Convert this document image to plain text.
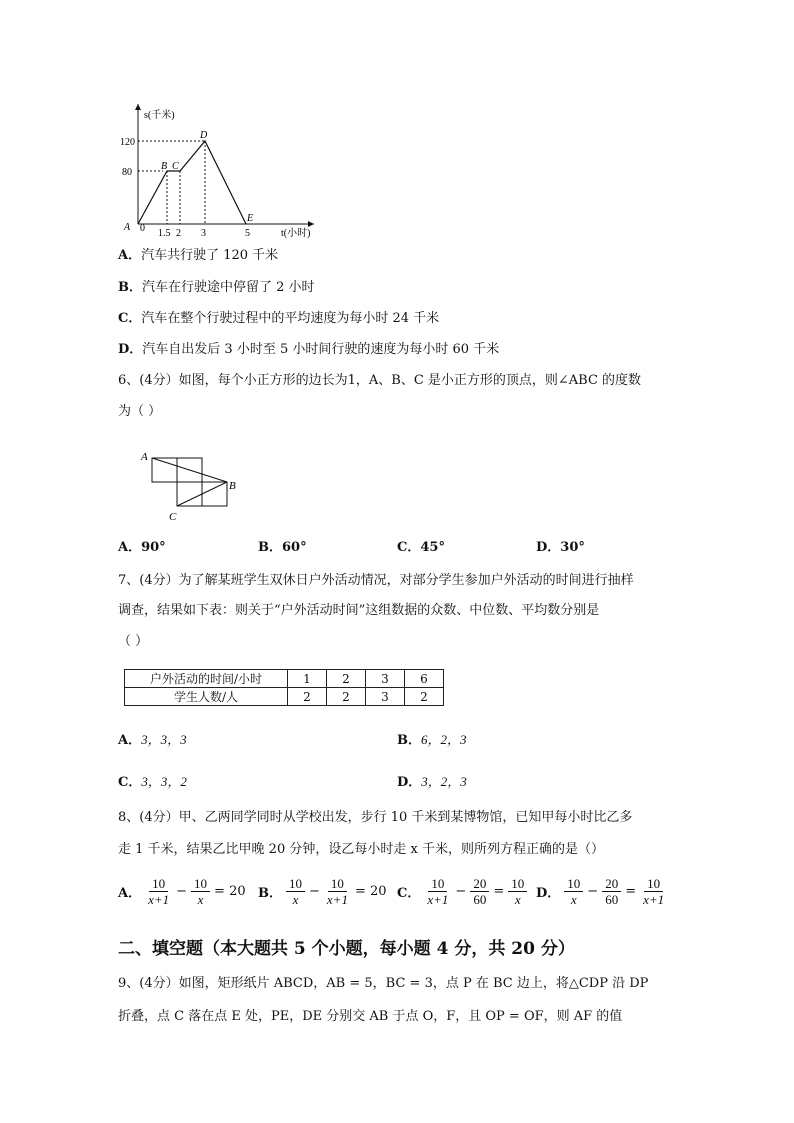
s(千米)
t(小时)
120
80
0 1.5 2 3	5
A
B C
D
E
A．汽车共行驶了 120 千米
B．汽车在行驶途中停留了 2 小时
C．汽车在整个行驶过程中的平均速度为每小时 24 千米
D．汽车自出发后 3 小时至 5 小时间行驶的速度为每小时 60 千米
6、(4分）如图，每个小正方形的边长为1，A、B、C 是小正方形的顶点，则∠ABC 的度数
为（ ）
A
B
C
A．90°	B．60°	C．45°	D．30°
7、(4分）为了解某班学生双休日户外活动情况，对部分学生参加户外活动的时间进行抽样
调查，结果如下表：则关于“户外活动时间”这组数据的众数、中位数、平均数分别是
（ ）
户外活动的时间/小时	1	2	3	6
学生人数/人	2	2	3	2
A．3，3，3	B．6，2，3
C．3，3，2	D．3，2，3
8、(4分）甲、乙两同学同时从学校出发，步行 10 千米到某博物馆，已知甲每小时比乙多
走 1 千米，结果乙比甲晚 20 分钟，设乙每小时走 x 千米，则所列方程正确的是（）
A． $\frac{10}{x+1} - \frac{10}{x} = 20$ B． $\frac{10}{x} - \frac{10}{x+1} = 20$ C． $\frac{10}{x+1} - \frac{20}{60} = \frac{10}{x}$ D． $\frac{10}{x} - \frac{20}{60} = \frac{10}{x+1}$
二、填空题（本大题共 5 个小题，每小题 4 分，共 20 分）
9、(4分）如图，矩形纸片 ABCD，AB = 5，BC = 3，点 P 在 BC 边上，将△CDP 沿 DP
折叠，点 C 落在点 E 处，PE，DE 分别交 AB 于点 O，F，且 OP = OF，则 AF 的值
